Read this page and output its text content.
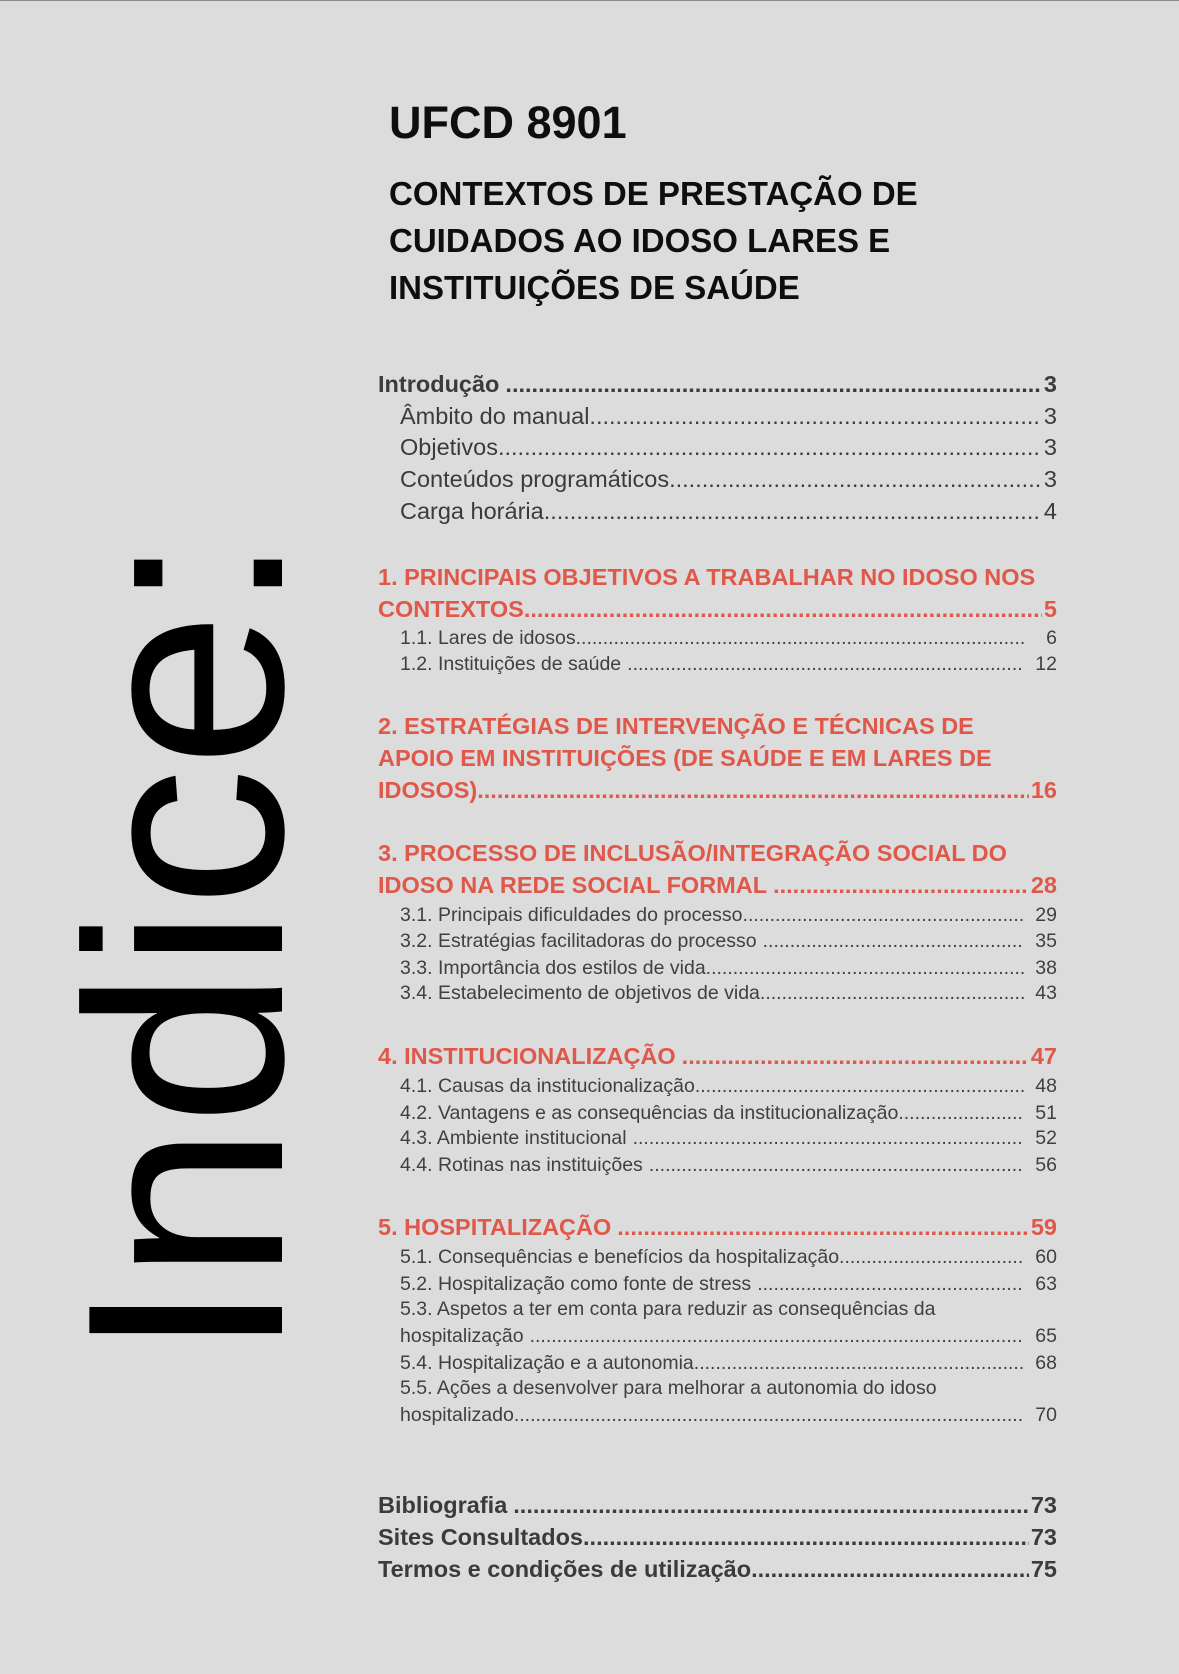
UFCD 8901
CONTEXTOS DE PRESTAÇÃO DE
CUIDADOS AO IDOSO LARES E
INSTITUIÇÕES DE SAÚDE
Indice:
Introdução .....	3
Âmbito do manual .....	3
Objetivos .....	3
Conteúdos programáticos .....	3
Carga horária .....	4
1. PRINCIPAIS OBJETIVOS A TRABALHAR NO IDOSO NOS
CONTEXTOS .....	5
1.1. Lares de idosos .....	6
1.2. Instituições de saúde .....	12
2. ESTRATÉGIAS DE INTERVENÇÃO E TÉCNICAS DE
APOIO EM INSTITUIÇÕES (DE SAÚDE E EM LARES DE
IDOSOS) .....	16
3. PROCESSO DE INCLUSÃO/INTEGRAÇÃO SOCIAL DO
IDOSO NA REDE SOCIAL FORMAL .....	28
3.1. Principais dificuldades do processo .....	29
3.2. Estratégias facilitadoras do processo .....	35
3.3. Importância dos estilos de vida .....	38
3.4. Estabelecimento de objetivos de vida .....	43
4. INSTITUCIONALIZAÇÃO .....	47
4.1. Causas da institucionalização .....	48
4.2. Vantagens e as consequências da institucionalização .....	51
4.3. Ambiente institucional .....	52
4.4. Rotinas nas instituições .....	56
5. HOSPITALIZAÇÃO .....	59
5.1. Consequências e benefícios da hospitalização .....	60
5.2. Hospitalização como fonte de stress .....	63
5.3. Aspetos a ter em conta para reduzir as consequências da
hospitalização .....	65
5.4. Hospitalização e a autonomia .....	68
5.5. Ações a desenvolver para melhorar a autonomia do idoso
hospitalizado .....	70
Bibliografia .....	73
Sites Consultados .....	73
Termos e condições de utilização .....	75
